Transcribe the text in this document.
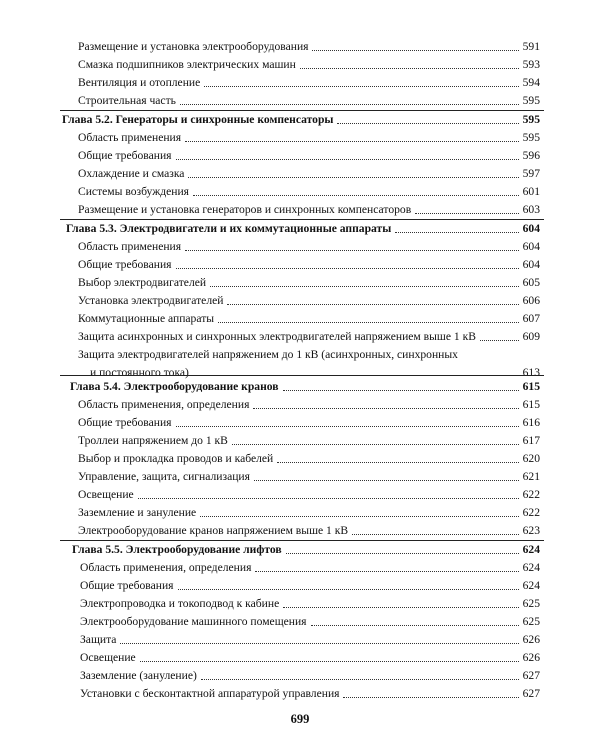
Размещение и установка электрооборудования	591
Смазка подшипников электрических машин	593
Вентиляция и отопление	594
Строительная часть	595
Глава 5.2. Генераторы и синхронные компенсаторы	595
Область применения	595
Общие требования	596
Охлаждение и смазка	597
Системы возбуждения	601
Размещение и установка генераторов и синхронных компенсаторов	603
Глава 5.3. Электродвигатели и их коммутационные аппараты	604
Область применения	604
Общие требования	604
Выбор электродвигателей	605
Установка электродвигателей	606
Коммутационные аппараты	607
Защита асинхронных и синхронных электродвигателей напряжением выше 1 кВ	609
Защита электродвигателей напряжением до 1 кВ (асинхронных, синхронных
и постоянного тока)	613
Глава 5.4. Электрооборудование кранов	615
Область применения, определения	615
Общие требования	616
Троллеи напряжением до 1 кВ	617
Выбор и прокладка проводов и кабелей	620
Управление, защита, сигнализация	621
Освещение	622
Заземление и зануление	622
Электрооборудование кранов напряжением выше 1 кВ	623
Глава 5.5. Электрооборудование лифтов	624
Область применения, определения	624
Общие требования	624
Электропроводка и токоподвод к кабине	625
Электрооборудование машинного помещения	625
Защита	626
Освещение	626
Заземление (зануление)	627
Установки с бесконтактной аппаратурой управления	627
699
